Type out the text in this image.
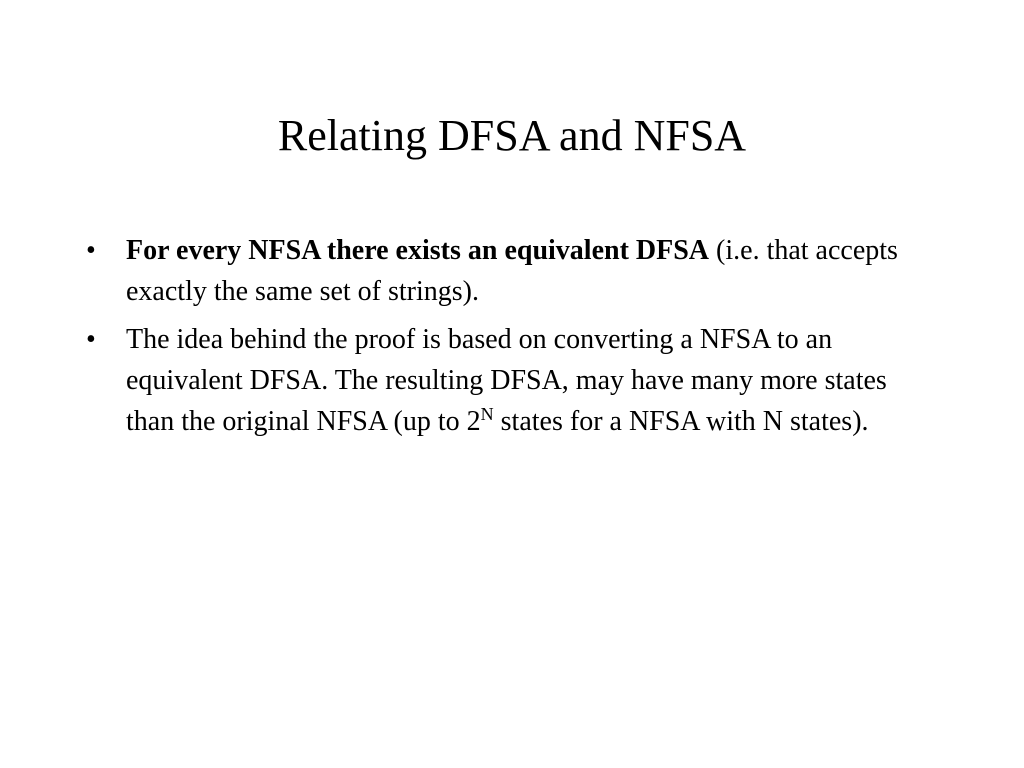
Relating DFSA and NFSA
•	For every NFSA there exists an equivalent DFSA (i.e. that accepts exactly the same set of strings).
•	The idea behind the proof is based on converting a NFSA to an equivalent DFSA. The resulting DFSA, may have many more states than the original NFSA (up to $2^N$ states for a NFSA with N states).
